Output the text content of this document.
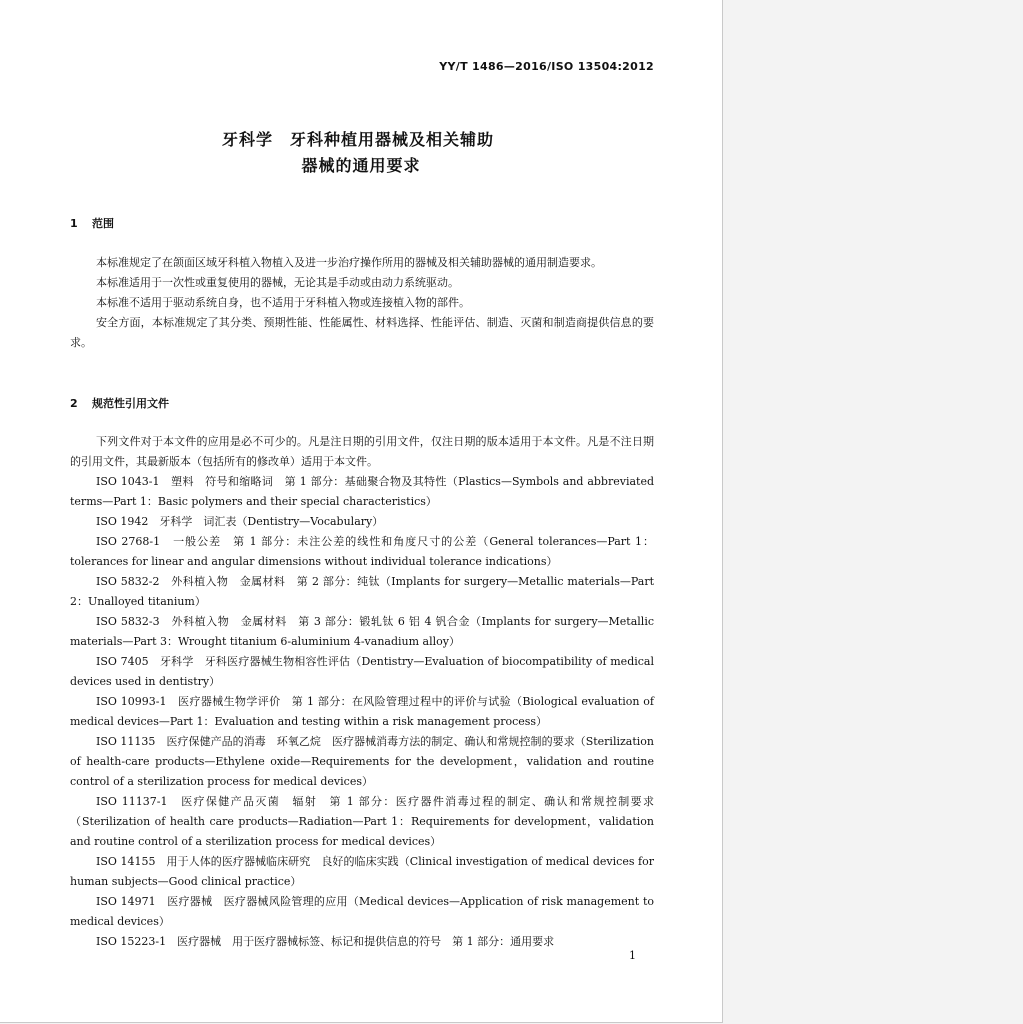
YY/T 1486—2016/ISO 13504:2012
牙科学　牙科种植用器械及相关辅助
器械的通用要求
1 范围

本标准规定了在颌面区域牙科植入物植入及进一步治疗操作所用的器械及相关辅助器械的通用制造要求。

本标准适用于一次性或重复使用的器械，无论其是手动或由动力系统驱动。

本标准不适用于驱动系统自身，也不适用于牙科植入物或连接植入物的部件。

安全方面，本标准规定了其分类、预期性能、性能属性、材料选择、性能评估、制造、灭菌和制造商提供信息的要求。

2 规范性引用文件

下列文件对于本文件的应用是必不可少的。凡是注日期的引用文件，仅注日期的版本适用于本文件。凡是不注日期的引用文件，其最新版本（包括所有的修改单）适用于本文件。

ISO 1043-1　塑料　符号和缩略词　第 1 部分：基础聚合物及其特性（Plastics—Symbols and abbreviated terms—Part 1：Basic polymers and their special characteristics）

ISO 1942　牙科学　词汇表（Dentistry—Vocabulary）

ISO 2768-1　一般公差　第 1 部分：未注公差的线性和角度尺寸的公差（General tolerances—Part 1：tolerances for linear and angular dimensions without individual tolerance indications）

ISO 5832-2　外科植入物　金属材料　第 2 部分：纯钛（Implants for surgery—Metallic materials—Part 2：Unalloyed titanium）

ISO 5832-3　外科植入物　金属材料　第 3 部分：锻轧钛 6 铝 4 钒合金（Implants for surgery—Metallic materials—Part 3：Wrought titanium 6-aluminium 4-vanadium alloy）

ISO 7405　牙科学　牙科医疗器械生物相容性评估（Dentistry—Evaluation of biocompatibility of medical devices used in dentistry）

ISO 10993-1　医疗器械生物学评价　第 1 部分：在风险管理过程中的评价与试验（Biological evaluation of medical devices—Part 1：Evaluation and testing within a risk management process）

ISO 11135　医疗保健产品的消毒　环氧乙烷　医疗器械消毒方法的制定、确认和常规控制的要求（Sterilization of health-care products—Ethylene oxide—Requirements for the development，validation and routine control of a sterilization process for medical devices）

ISO 11137-1　医疗保健产品灭菌　辐射　第 1 部分：医疗器件消毒过程的制定、确认和常规控制要求（Sterilization of health care products—Radiation—Part 1：Requirements for development，validation and routine control of a sterilization process for medical devices）

ISO 14155　用于人体的医疗器械临床研究　良好的临床实践（Clinical investigation of medical devices for human subjects—Good clinical practice）

ISO 14971　医疗器械　医疗器械风险管理的应用（Medical devices—Application of risk management to medical devices）

ISO 15223-1　医疗器械　用于医疗器械标签、标记和提供信息的符号　第 1 部分：通用要求

1
